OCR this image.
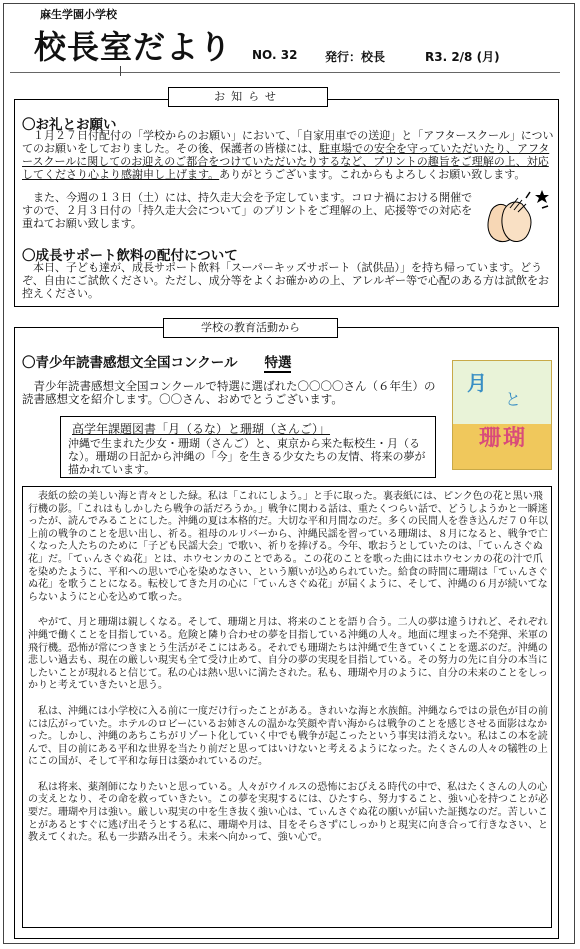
麻生学園小学校
校長室だより NO. 32 発行：校長	R3. 2/8 (月)
お知らせ
〇お礼とお願い
　１月２７日付配付の「学校からのお願い」において、「自家用車での送迎」と「アフタースクール」についてのお願いをしておりました。その後、保護者の皆様には、駐車場での安全を守っていただいたり、アフタースクールに関してのお迎えのご都合をつけていただいたりするなど、プリントの趣旨をご理解の上、対応してくださり心より感謝申し上げます。ありがとうございます。これからもよろしくお願い致します。
　また、今週の１３日（土）には、持久走大会を予定しています。コロナ禍における開催ですので、２月３日付の「持久走大会について」のプリントをご理解の上、応援等での対応を重ねてお願い致します。
〇成長サポート飲料の配付について
　本日、子ども達が、成長サポート飲料「スーパーキッズサポート（試供品）」を持ち帰っています。どうぞ、自由にご試飲ください。ただし、成分等をよくお確かめの上、アレルギー等で心配のある方は試飲をお控えください。
学校の教育活動から
〇青少年読書感想文全国コンクール　　 特選
　青少年読書感想文全国コンクールで特選に選ばれた〇〇〇〇さん（６年生）の読書感想文を紹介します。〇〇さん、おめでとうございます。
高学年課題図書「月（るな）と珊瑚（さんご）」
沖縄で生まれた少女・珊瑚（さんご）と、東京から来た転校生・月（るな）。珊瑚の日記から沖縄の「今」を生きる少女たちの友情、将来の夢が描かれています。
月
と
珊瑚

表紙の絵の美しい海と青々とした緑。私は「これにしよう。」と手に取った。裏表紙には、ピンク色の花と黒い飛行機の影。「これはもしかしたら戦争の話だろうか。」戦争に関わる話は、重たくつらい話で、どうしようかと一瞬迷ったが、読んでみることにした。沖縄の夏は本格的だ。大切な平和月間なのだ。多くの民間人を巻き込んだ７０年以上前の戦争のことを思い出し、祈る。祖母のルリバーから、沖縄民謡を習っている珊瑚は、８月になると、戦争で亡くなった人たちのために「子ども民謡大会」で歌い、祈りを捧げる。今年、歌おうとしていたのは、「てぃんさぐぬ花」だ。「てぃんさぐぬ花」とは、ホウセンカのことである。この花のことを歌った曲にはホウセンカの花の汁で爪を染めたように、平和への思いで心を染めなさい、という願いが込められていた。給食の時間に珊瑚は「てぃんさぐぬ花」を歌うことになる。転校してきた月の心に「てぃんさぐぬ花」が届くように、そして、沖縄の６月が続いてならないようにと心を込めて歌った。

やがて、月と珊瑚は親しくなる。そして、珊瑚と月は、将来のことを語り合う。二人の夢は違うけれど、それぞれ沖縄で働くことを目指している。危険と隣り合わせの夢を目指している沖縄の人々。地面に埋まった不発弾、米軍の飛行機。恐怖が常につきまとう生活がそこにはある。それでも珊瑚たちは沖縄で生きていくことを選ぶのだ。沖縄の悲しい過去も、現在の厳しい現実も全て受け止めて、自分の夢の実現を目指している。その努力の先に自分の本当にしたいことが現れると信じて。私の心は熱い思いに満たされた。私も、珊瑚や月のように、自分の未来のことをしっかりと考えていきたいと思う。

私は、沖縄には小学校に入る前に一度だけ行ったことがある。きれいな海と水族館。沖縄ならではの景色が目の前には広がっていた。ホテルのロビーにいるお姉さんの温かな笑顔や青い海からは戦争のことを感じさせる面影はなかった。しかし、沖縄のあちこちがリゾート化していく中でも戦争が起こったという事実は消えない。私はこの本を読んで、目の前にある平和な世界を当たり前だと思ってはいけないと考えるようになった。たくさんの人々の犠牲の上にこの国が、そして平和な毎日は築かれているのだ。

私は将来、薬剤師になりたいと思っている。人々がウイルスの恐怖におびえる時代の中で、私はたくさんの人の心の支えとなり、その命を救っていきたい。この夢を実現するには、ひたすら、努力すること、強い心を持つことが必要だ。珊瑚や月は強い。厳しい現実の中を生き抜く強い心は、てぃんさぐぬ花の願いが届いた証拠なのだ。苦しいことがあるとすぐに逃げ出そうとする私に、珊瑚や月は、目をそらさずにしっかりと現実に向き合って行きなさい、と教えてくれた。私も一歩踏み出そう。未来へ向かって、強い心で。
